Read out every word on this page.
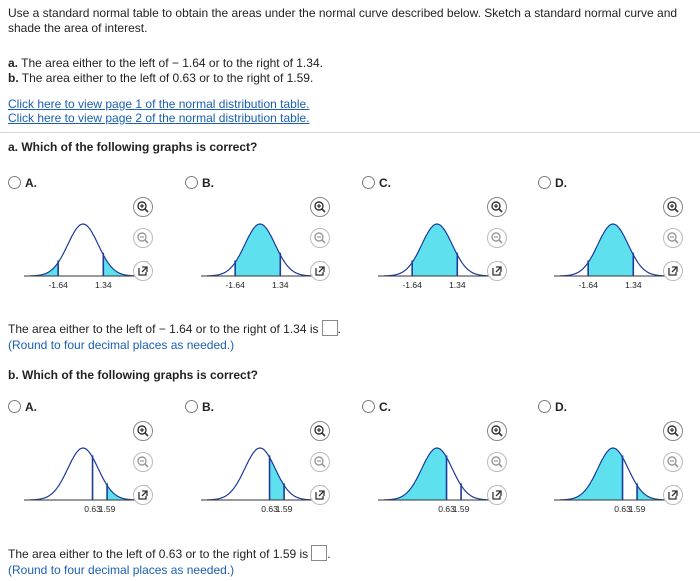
Use a standard normal table to obtain the areas under the normal curve described below. Sketch a standard normal curve and
shade the area of interest.
a. The area either to the left of − 1.64 or to the right of 1.34.
b. The area either to the left of 0.63 or to the right of 1.59.
Click here to view page 1 of the normal distribution table.
Click here to view page 2 of the normal distribution table.
a. Which of the following graphs is correct?
A.
-1.64	1.34
B.
-1.64	1.34
C.
-1.64	1.34
D.
-1.64	1.34
The area either to the left of − 1.64 or to the right of 1.34 is .
(Round to four decimal places as needed.)
b. Which of the following graphs is correct?
A.
0.63
1.59
B.
0.63
1.59
C.
0.63
1.59
D.
0.63
1.59
The area either to the left of 0.63 or to the right of 1.59 is .
(Round to four decimal places as needed.)
